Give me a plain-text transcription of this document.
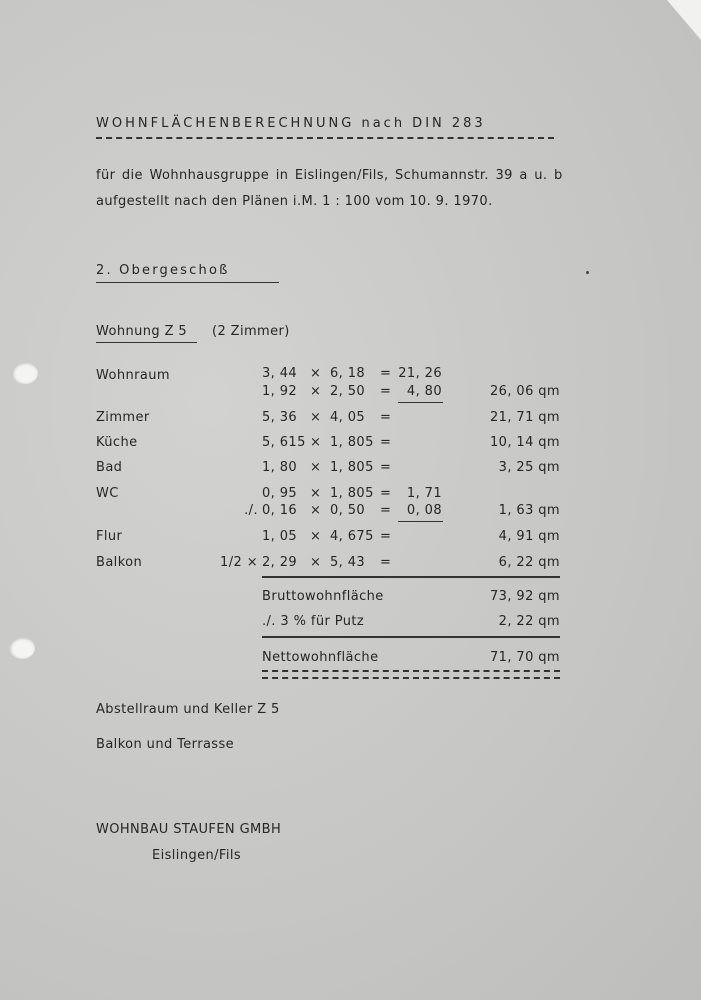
WOHNFLÄCHENBERECHNUNG nach DIN 283
für die Wohnhausgruppe in Eislingen/Fils, Schumannstr. 39 a u. b
aufgestellt nach den Plänen i.M. 1 : 100 vom 10. 9. 1970.
2. Obergeschoß
Wohnung Z 5 (2 Zimmer)
Wohnraum	3, 44 × 6, 18 = 21, 26
1, 92 × 2, 50 =	4, 80	26, 06 qm
Zimmer	5, 36 × 4, 05 =	21, 71 qm
Küche	5, 615 × 1, 805 =	10, 14 qm
Bad	1, 80 × 1, 805 =	3, 25 qm
WC	0, 95 × 1, 805 =	1, 71
./. 0, 16 × 0, 50 =	0, 08	1, 63 qm
Flur	1, 05 × 4, 675 =	4, 91 qm
Balkon	1/2 × 2, 29 × 5, 43 =	6, 22 qm
Bruttowohnfläche	73, 92 qm
./. 3 % für Putz	2, 22 qm
Nettowohnfläche	71, 70 qm
Abstellraum und Keller Z 5
Balkon und Terrasse
WOHNBAU STAUFEN GMBH
Eislingen/Fils
